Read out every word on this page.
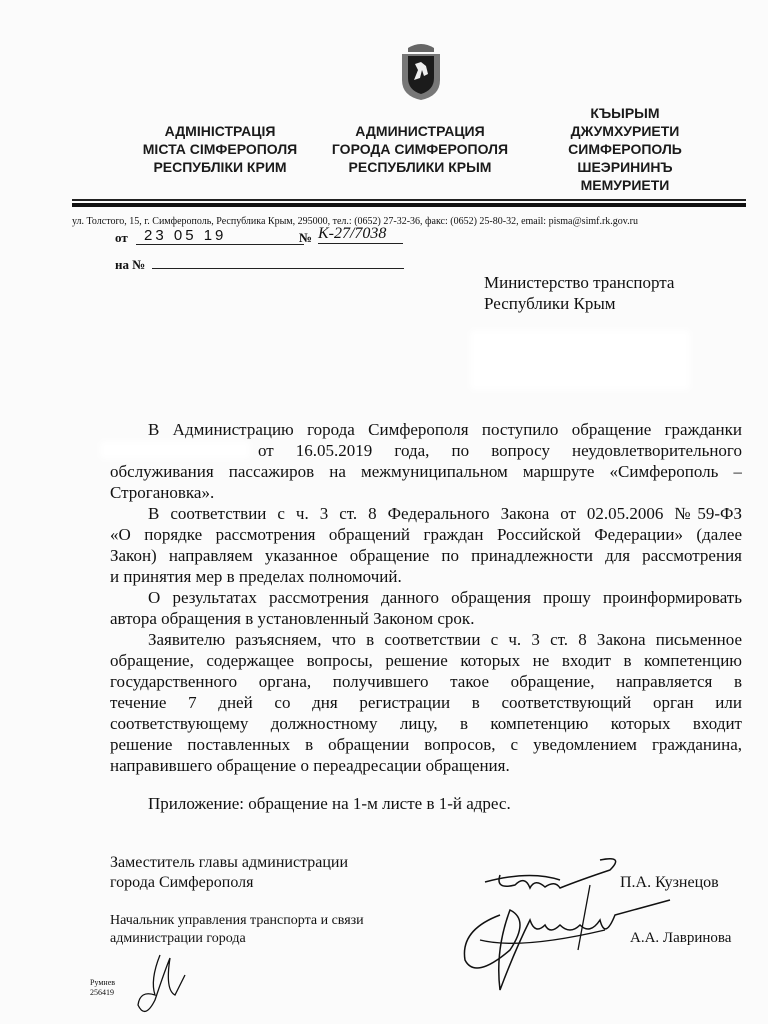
АДМІНІСТРАЦІЯ
МІСТА СІМФЕРОПОЛЯ
РЕСПУБЛІКИ КРИМ
АДМИНИСТРАЦИЯ
ГОРОДА СИМФЕРОПОЛЯ
РЕСПУБЛИКИ КРЫМ
КЪЫРЫМ
ДЖУМХУРИЕТИ
СИМФЕРОПОЛЬ
ШЕЭРИНИНЪ
МЕМУРИЕТИ
ул. Толстого, 15, г. Симферополь, Республика Крым, 295000, тел.: (0652) 27-32-36, факс: (0652) 25-80-32, email: pisma@simf.rk.gov.ru
от	23 05 19	№ К-27/7038
на №
Министерство транспорта
Республики Крым
В Администрацию города Симферополя поступило обращение гражданки
от 16.05.2019 года, по вопросу неудовлетворительного
обслуживания пассажиров на межмуниципальном маршруте «Симферополь –
Строгановка».
В соответствии с ч. 3 ст. 8 Федерального Закона от 02.05.2006 №59-ФЗ
«О порядке рассмотрения обращений граждан Российской Федерации» (далее
Закон) направляем указанное обращение по принадлежности для рассмотрения
и принятия мер в пределах полномочий.
О результатах рассмотрения данного обращения прошу проинформировать
автора обращения в установленный Законом срок.
Заявителю разъясняем, что в соответствии с ч. 3 ст. 8 Закона письменное
обращение, содержащее вопросы, решение которых не входит в компетенцию
государственного органа, получившего такое обращение, направляется в
течение 7 дней со дня регистрации в соответствующий орган или
соответствующему должностному лицу, в компетенцию которых входит
решение поставленных в обращении вопросов, с уведомлением гражданина,
направившего обращение о переадресации обращения.
Приложение: обращение на 1-м листе в 1-й адрес.
Заместитель главы администрации
города Симферополя	П.А. Кузнецов
Начальник управления транспорта и связи
администрации города	А.А. Лавринова
Румнев
256419
